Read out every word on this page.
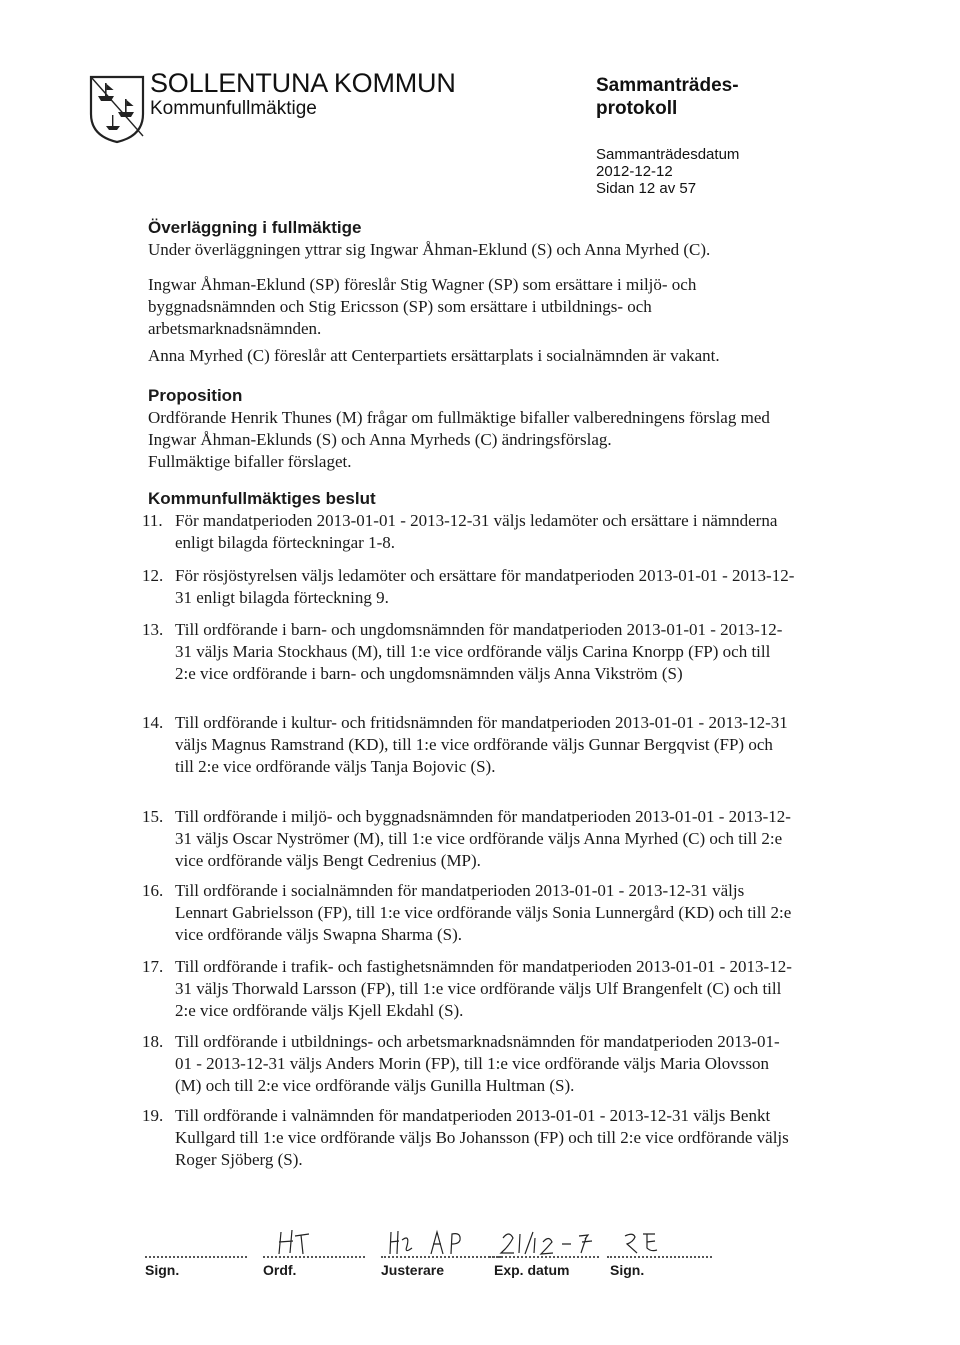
SOLLENTUNA KOMMUN
Kommunfullmäktige
Sammanträdes-
protokoll
Sammanträdesdatum
2012-12-12
Sidan 12 av 57
Överläggning i fullmäktige

Under överläggningen yttrar sig Ingwar Åhman-Eklund (S) och Anna Myrhed (C).

Ingwar Åhman-Eklund (SP) föreslår Stig Wagner (SP) som ersättare i miljö- och byggnadsnämnden och Stig Ericsson (SP) som ersättare i utbildnings- och arbetsmarknadsnämnden.

Anna Myrhed (C) föreslår att Centerpartiets ersättarplats i socialnämnden är vakant.

Proposition

Ordförande Henrik Thunes (M) frågar om fullmäktige bifaller valberedningens förslag med Ingwar Åhman-Eklunds (S) och Anna Myrheds (C) ändringsförslag.

Fullmäktige bifaller förslaget.

Kommunfullmäktiges beslut
11. För mandatperioden 2013-01-01 - 2013-12-31 väljs ledamöter och ersättare i nämnderna enligt bilagda förteckningar 1-8.
12. För rösjöstyrelsen väljs ledamöter och ersättare för mandatperioden 2013-01-01 - 2013-12-31 enligt bilagda förteckning 9.
13. Till ordförande i barn- och ungdomsnämnden för mandatperioden 2013-01-01 - 2013-12-31 väljs Maria Stockhaus (M), till 1:e vice ordförande väljs Carina Knorpp (FP) och till 2:e vice ordförande i barn- och ungdomsnämnden väljs Anna Vikström (S)
14. Till ordförande i kultur- och fritidsnämnden för mandatperioden 2013-01-01 - 2013-12-31 väljs Magnus Ramstrand (KD), till 1:e vice ordförande väljs Gunnar Bergqvist (FP) och till 2:e vice ordförande väljs Tanja Bojovic (S).
15. Till ordförande i miljö- och byggnadsnämnden för mandatperioden 2013-01-01 - 2013-12-31 väljs Oscar Nyströmer (M), till 1:e vice ordförande väljs Anna Myrhed (C) och till 2:e vice ordförande väljs Bengt Cedrenius (MP).
16. Till ordförande i socialnämnden för mandatperioden 2013-01-01 - 2013-12-31 väljs Lennart Gabrielsson (FP), till 1:e vice ordförande väljs Sonia Lunnergård (KD) och till 2:e vice ordförande väljs Swapna Sharma (S).
17. Till ordförande i trafik- och fastighetsnämnden för mandatperioden 2013-01-01 - 2013-12-31 väljs Thorwald Larsson (FP), till 1:e vice ordförande väljs Ulf Brangenfelt (C) och till 2:e vice ordförande väljs Kjell Ekdahl (S).
18. Till ordförande i utbildnings- och arbetsmarknadsnämnden för mandatperioden 2013-01-01 - 2013-12-31 väljs Anders Morin (FP), till 1:e vice ordförande väljs Maria Olovsson (M) och till 2:e vice ordförande väljs Gunilla Hultman (S).
19. Till ordförande i valnämnden för mandatperioden 2013-01-01 - 2013-12-31 väljs Benkt Kullgard till 1:e vice ordförande väljs Bo Johansson (FP) och till 2:e vice ordförande väljs Roger Sjöberg (S).
Sign.	Ordf.	Justerare	Exp. datum	Sign.
